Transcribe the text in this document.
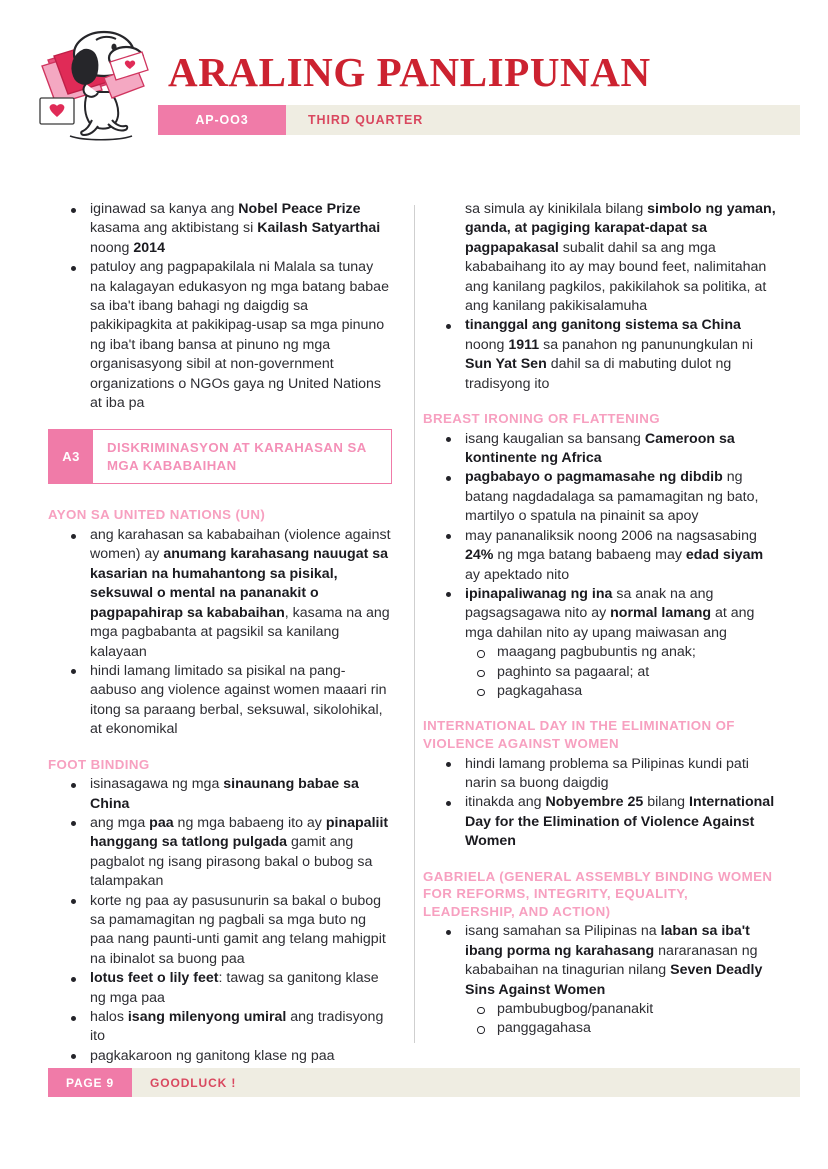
ARALING PANLIPUNAN
AP-OO3	THIRD QUARTER
iginawad sa kanya ang Nobel Peace Prize kasama ang aktibistang si Kailash Satyarthai noong 2014
patuloy ang pagpapakilala ni Malala sa tunay na kalagayan edukasyon ng mga batang babae sa iba't ibang bahagi ng daigdig sa pakikipagkita at pakikipag-usap sa mga pinuno ng iba't ibang bansa at pinuno ng mga organisasyong sibil at non-government organizations o NGOs gaya ng United Nations at iba pa
A3
DISKRIMINASYON AT KARAHASAN SA MGA KABABAIHAN
AYON SA UNITED NATIONS (UN)
ang karahasan sa kababaihan (violence against women) ay anumang karahasang nauugat sa kasarian na humahantong sa pisikal, seksuwal o mental na pananakit o pagpapahirap sa kababaihan, kasama na ang mga pagbabanta at pagsikil sa kanilang kalayaan
hindi lamang limitado sa pisikal na pang-aabuso ang violence against women maaari rin itong sa paraang berbal, seksuwal, sikolohikal, at ekonomikal
FOOT BINDING
isinasagawa ng mga sinaunang babae sa China
ang mga paa ng mga babaeng ito ay pinapaliit hanggang sa tatlong pulgada gamit ang pagbalot ng isang pirasong bakal o bubog sa talampakan
korte ng paa ay pasusunurin sa bakal o bubog sa pamamagitan ng pagbali sa mga buto ng paa nang paunti-unti gamit ang telang mahigpit na ibinalot sa buong paa
lotus feet o lily feet: tawag sa ganitong klase ng mga paa
halos isang milenyong umiral ang tradisyong ito
pagkakaroon ng ganitong klase ng paa
sa simula ay kinikilala bilang simbolo ng yaman, ganda, at pagiging karapat-dapat sa pagpapakasal subalit dahil sa ang mga kababaihang ito ay may bound feet, nalimitahan ang kanilang pagkilos, pakikilahok sa politika, at ang kanilang pakikisalamuha
tinanggal ang ganitong sistema sa China noong 1911 sa panahon ng panunungkulan ni Sun Yat Sen dahil sa di mabuting dulot ng tradisyong ito
BREAST IRONING OR FLATTENING
isang kaugalian sa bansang Cameroon sa kontinente ng Africa
pagbabayo o pagmamasahe ng dibdib ng batang nagdadalaga sa pamamagitan ng bato, martilyo o spatula na pinainit sa apoy
may pananaliksik noong 2006 na nagsasabing 24% ng mga batang babaeng may edad siyam ay apektado nito
ipinapaliwanag ng ina sa anak na ang pagsagsagawa nito ay normal lamang at ang mga dahilan nito ay upang maiwasan ang
maagang pagbubuntis ng anak;
paghinto sa pagaaral; at
pagkagahasa
INTERNATIONAL DAY IN THE ELIMINATION OF VIOLENCE AGAINST WOMEN
hindi lamang problema sa Pilipinas kundi pati narin sa buong daigdig
itinakda ang Nobyembre 25 bilang International Day for the Elimination of Violence Against Women
GABRIELA (GENERAL ASSEMBLY BINDING WOMEN FOR REFORMS, INTEGRITY, EQUALITY, LEADERSHIP, AND ACTION)
isang samahan sa Pilipinas na laban sa iba't ibang porma ng karahasang nararanasan ng kababaihan na tinagurian nilang Seven Deadly Sins Against Women
pambubugbog/pananakit
panggagahasa
PAGE 9	GOODLUCK !
